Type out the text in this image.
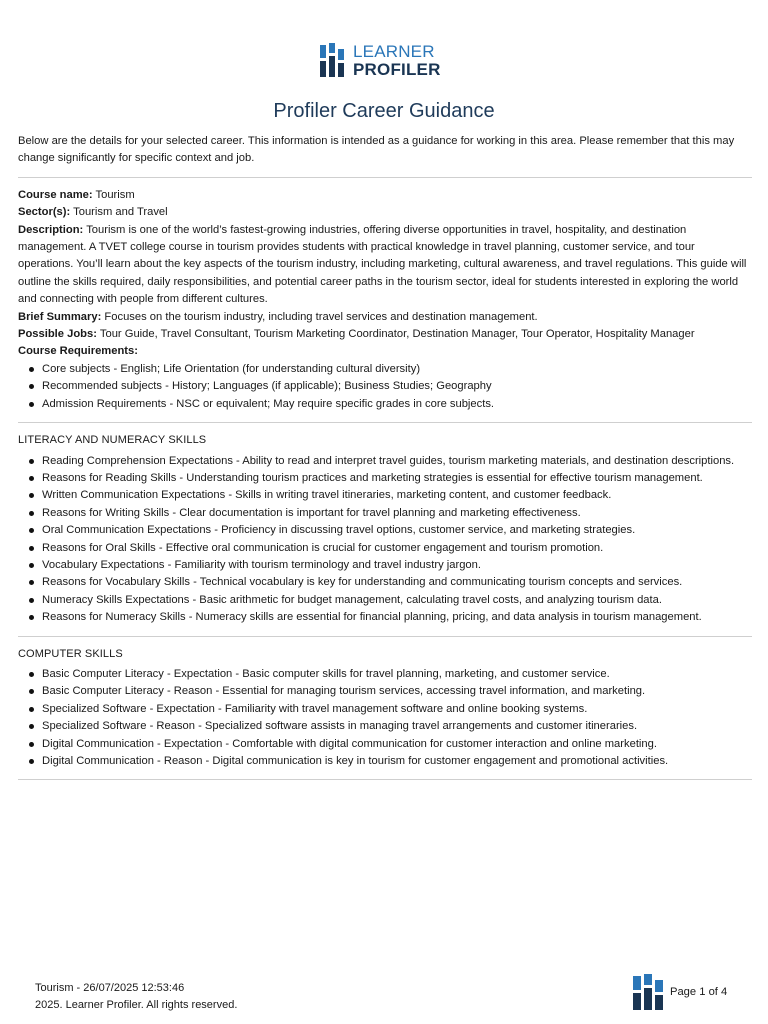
LEARNER
PROFILER
Profiler Career Guidance

Below are the details for your selected career. This information is intended as a guidance for working in this area. Please remember that this may change significantly for specific context and job.

Course name: Tourism

Sector(s): Tourism and Travel

Description: Tourism is one of the world’s fastest-growing industries, offering diverse opportunities in travel, hospitality, and destination management. A TVET college course in tourism provides students with practical knowledge in travel planning, customer service, and tour operations. You’ll learn about the key aspects of the tourism industry, including marketing, cultural awareness, and travel regulations. This guide will outline the skills required, daily responsibilities, and potential career paths in the tourism sector, ideal for students interested in exploring the world and connecting with people from different cultures.

Brief Summary: Focuses on the tourism industry, including travel services and destination management.

Possible Jobs: Tour Guide, Travel Consultant, Tourism Marketing Coordinator, Destination Manager, Tour Operator, Hospitality Manager

Course Requirements:

Core subjects - English; Life Orientation (for understanding cultural diversity)
Recommended subjects - History; Languages (if applicable); Business Studies; Geography
Admission Requirements - NSC or equivalent; May require specific grades in core subjects.

LITERACY AND NUMERACY SKILLS

Reading Comprehension Expectations - Ability to read and interpret travel guides, tourism marketing materials, and destination descriptions.
Reasons for Reading Skills - Understanding tourism practices and marketing strategies is essential for effective tourism management.
Written Communication Expectations - Skills in writing travel itineraries, marketing content, and customer feedback.
Reasons for Writing Skills - Clear documentation is important for travel planning and marketing effectiveness.
Oral Communication Expectations - Proficiency in discussing travel options, customer service, and marketing strategies.
Reasons for Oral Skills - Effective oral communication is crucial for customer engagement and tourism promotion.
Vocabulary Expectations - Familiarity with tourism terminology and travel industry jargon.
Reasons for Vocabulary Skills - Technical vocabulary is key for understanding and communicating tourism concepts and services.
Numeracy Skills Expectations - Basic arithmetic for budget management, calculating travel costs, and analyzing tourism data.
Reasons for Numeracy Skills - Numeracy skills are essential for financial planning, pricing, and data analysis in tourism management.

COMPUTER SKILLS

Basic Computer Literacy - Expectation - Basic computer skills for travel planning, marketing, and customer service.
Basic Computer Literacy - Reason - Essential for managing tourism services, accessing travel information, and marketing.
Specialized Software - Expectation - Familiarity with travel management software and online booking systems.
Specialized Software - Reason - Specialized software assists in managing travel arrangements and customer itineraries.
Digital Communication - Expectation - Comfortable with digital communication for customer interaction and online marketing.
Digital Communication - Reason - Digital communication is key in tourism for customer engagement and promotional activities.
Tourism - 26/07/2025 12:53:46
2025. Learner Profiler. All rights reserved.
Page 1 of 4
